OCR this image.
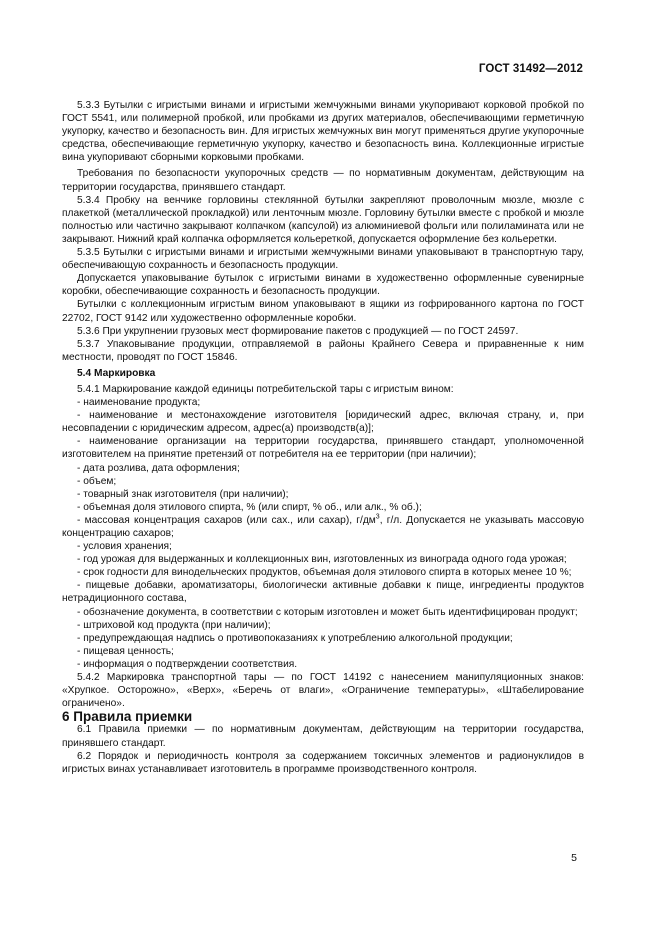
ГОСТ 31492—2012

5.3.3 Бутылки с игристыми винами и игристыми жемчужными винами укупоривают корковой пробкой по ГОСТ 5541, или полимерной пробкой, или пробками из других материалов, обеспечивающими герметичную укупорку, качество и безопасность вин. Для игристых жемчужных вин могут применяться другие укупорочные средства, обеспечивающие герметичную укупорку, качество и безопасность вина. Коллекционные игристые вина укупоривают сборными корковыми пробками.

Требования по безопасности укупорочных средств — по нормативным документам, действующим на территории государства, принявшего стандарт.

5.3.4 Пробку на венчике горловины стеклянной бутылки закрепляют проволочным мюзле, мюзле с плакеткой (металлической прокладкой) или ленточным мюзле. Горловину бутылки вместе с пробкой и мюзле полностью или частично закрывают колпачком (капсулой) из алюминиевой фольги или полиламината или не закрывают. Нижний край колпачка оформляется кольереткой, допускается оформление без кольеретки.

5.3.5 Бутылки с игристыми винами и игристыми жемчужными винами упаковывают в транспортную тару, обеспечивающую сохранность и безопасность продукции.

Допускается упаковывание бутылок с игристыми винами в художественно оформленные сувенирные коробки, обеспечивающие сохранность и безопасность продукции.

Бутылки с коллекционным игристым вином упаковывают в ящики из гофрированного картона по ГОСТ 22702, ГОСТ 9142 или художественно оформленные коробки.

5.3.6 При укрупнении грузовых мест формирование пакетов с продукцией — по ГОСТ 24597.

5.3.7 Упаковывание продукции, отправляемой в районы Крайнего Севера и приравненные к ним местности, проводят по ГОСТ 15846.

5.4 Маркировка

5.4.1 Маркирование каждой единицы потребительской тары с игристым вином:

- наименование продукта;

- наименование и местонахождение изготовителя [юридический адрес, включая страну, и, при несовпадении с юридическим адресом, адрес(а) производств(а)];

- наименование организации на территории государства, принявшего стандарт, уполномоченной изготовителем на принятие претензий от потребителя на ее территории (при наличии);

- дата розлива, дата оформления;

- объем;

- товарный знак изготовителя (при наличии);

- объемная доля этилового спирта, % (или спирт, % об., или алк., % об.);

- массовая концентрация сахаров (или сах., или сахар), $г/дм^3$, г/л. Допускается не указывать массовую концентрацию сахаров;

- условия хранения;

- год урожая для выдержанных и коллекционных вин, изготовленных из винограда одного года урожая;

- срок годности для винодельческих продуктов, объемная доля этилового спирта в которых менее 10 %;

- пищевые добавки, ароматизаторы, биологически активные добавки к пище, ингредиенты продуктов нетрадиционного состава,

- обозначение документа, в соответствии с которым изготовлен и может быть идентифицирован продукт;

- штриховой код продукта (при наличии);

- предупреждающая надпись о противопоказаниях к употреблению алкогольной продукции;

- пищевая ценность;

- информация о подтверждении соответствия.

5.4.2 Маркировка транспортной тары — по ГОСТ 14192 с нанесением манипуляционных знаков: «Хрупкое. Осторожно», «Верх», «Беречь от влаги», «Ограничение температуры», «Штабелирование ограничено».

6 Правила приемки

6.1 Правила приемки — по нормативным документам, действующим на территории государства, принявшего стандарт.

6.2 Порядок и периодичность контроля за содержанием токсичных элементов и радионуклидов в игристых винах устанавливает изготовитель в программе производственного контроля.

5
